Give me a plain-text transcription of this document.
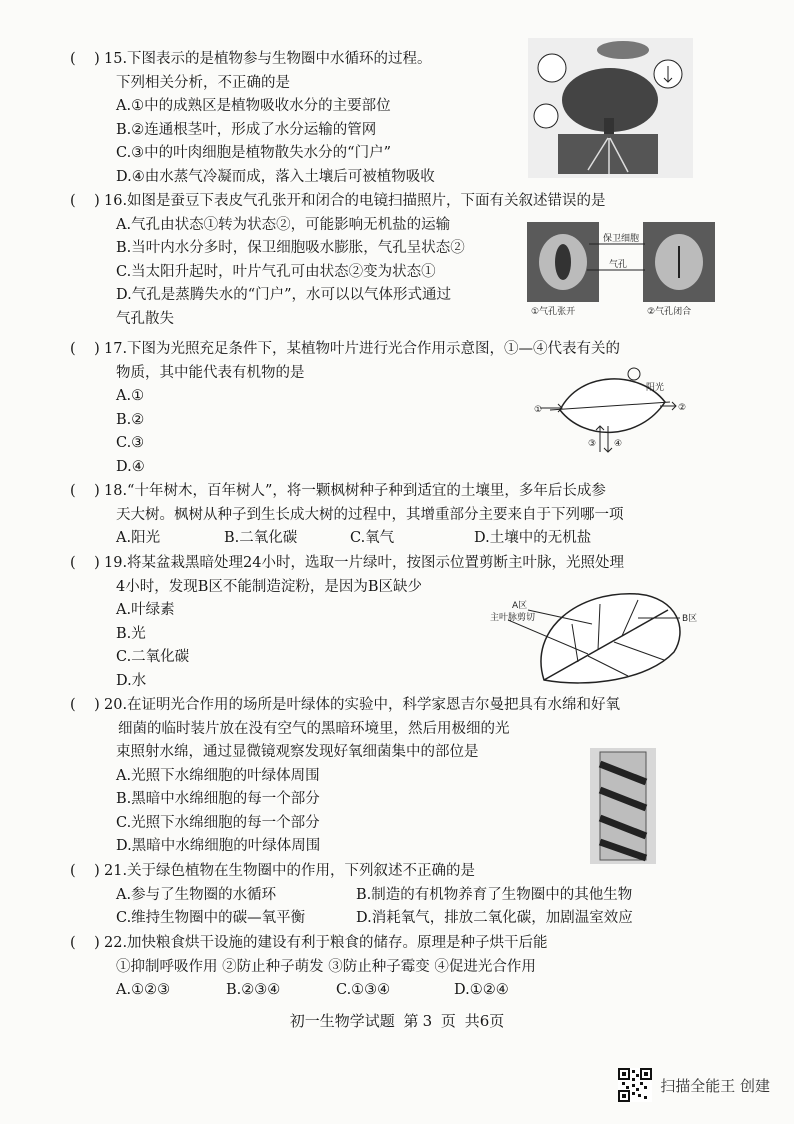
( ) 15.下图表示的是植物参与生物圈中水循环的过程。
下列相关分析，不正确的是
A.①中的成熟区是植物吸收水分的主要部位
B.②连通根茎叶，形成了水分运输的管网
C.③中的叶肉细胞是植物散失水分的“门户”
D.④由水蒸气冷凝而成，落入土壤后可被植物吸收
( ) 16.如图是蚕豆下表皮气孔张开和闭合的电镜扫描照片，下面有关叙述错误的是
A.气孔由状态①转为状态②，可能影响无机盐的运输
B.当叶内水分多时，保卫细胞吸水膨胀，气孔呈状态②
C.当太阳升起时，叶片气孔可由状态②变为状态①
D.气孔是蒸腾失水的“门户”，水可以以气体形式通过
气孔散失
保卫细胞
气孔
①气孔张开	②气孔闭合
( ) 17.下图为光照充足条件下，某植物叶片进行光合作用示意图，①—④代表有关的
物质，其中能代表有机物的是
A.①
B.②
C.③
D.④
①	②
③ ④
阳光
( ) 18.“十年树木，百年树人”，将一颗枫树种子种到适宜的土壤里，多年后长成参
天大树。枫树从种子到生长成大树的过程中，其增重部分主要来自于下列哪一项
A.阳光	B.二氧化碳	C.氧气	D.土壤中的无机盐
( ) 19.将某盆栽黑暗处理24小时，选取一片绿叶，按图示位置剪断主叶脉，光照处理
4小时，发现B区不能制造淀粉，是因为B区缺少
A.叶绿素
B.光
C.二氧化碳
D.水
A区
主叶脉剪切	B区
( ) 20.在证明光合作用的场所是叶绿体的实验中，科学家恩吉尔曼把具有水绵和好氧
细菌的临时装片放在没有空气的黑暗环境里，然后用极细的光
束照射水绵，通过显微镜观察发现好氧细菌集中的部位是
A.光照下水绵细胞的叶绿体周围
B.黑暗中水绵细胞的每一个部分
C.光照下水绵细胞的每一个部分
D.黑暗中水绵细胞的叶绿体周围
( ) 21.关于绿色植物在生物圈中的作用，下列叙述不正确的是
A.参与了生物圈的水循环	B.制造的有机物养育了生物圈中的其他生物
C.维持生物圈中的碳—氧平衡	D.消耗氧气，排放二氧化碳，加剧温室效应
( ) 22.加快粮食烘干设施的建设有利于粮食的储存。原理是种子烘干后能
①抑制呼吸作用 ②防止种子萌发 ③防止种子霉变 ④促进光合作用
A.①②③	B.②③④	C.①③④	D.①②④
初一生物学试题 第 3 页 共6页
扫描全能王 创建
